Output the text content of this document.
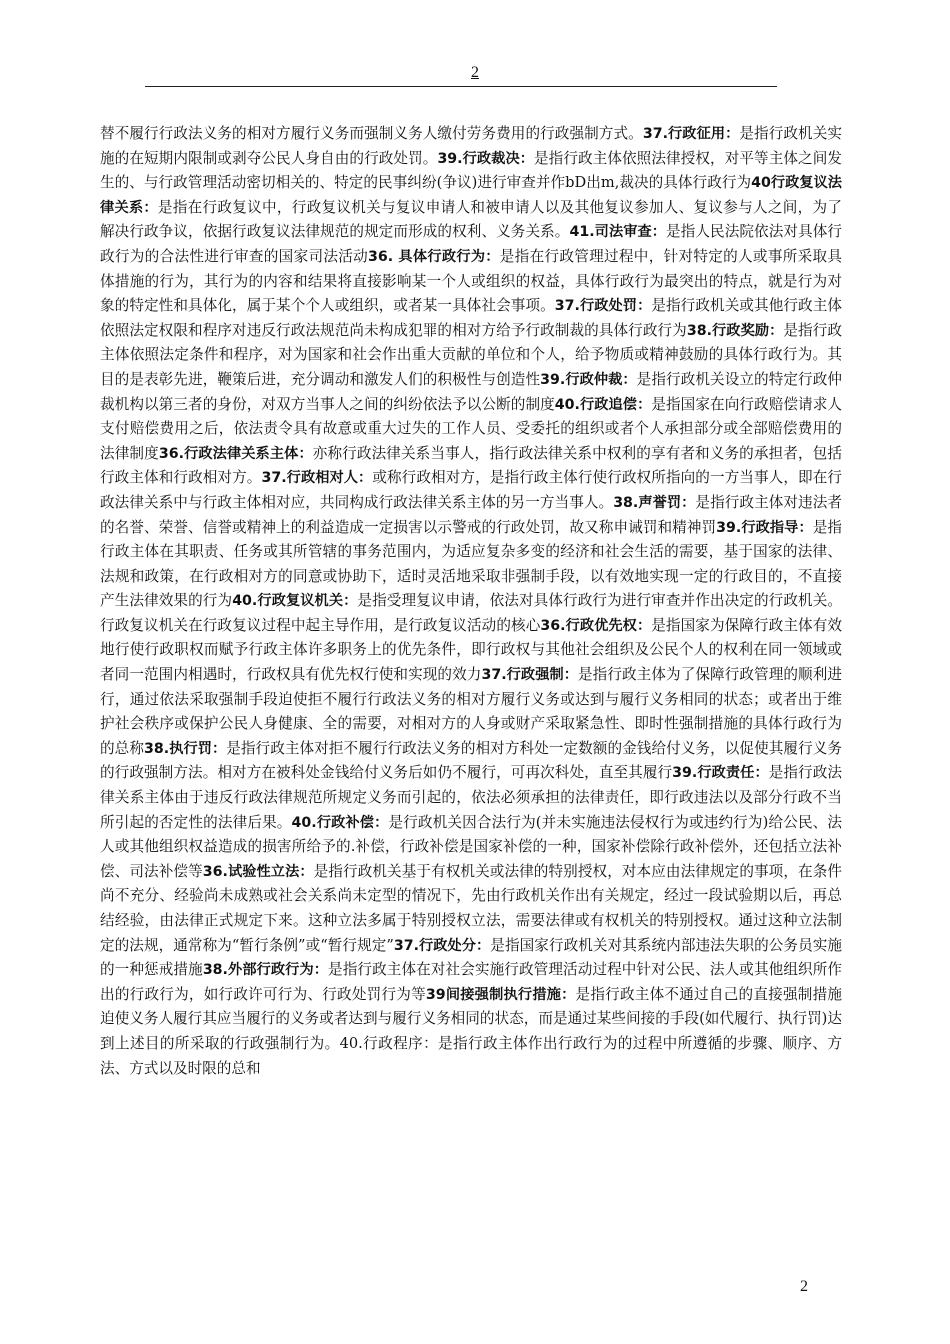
2
替不履行行政法义务的相对方履行义务而强制义务人缴付劳务费用的行政强制方式。37.行政征用：是指行政机关实施的在短期内限制或剥夺公民人身自由的行政处罚。39.行政裁决：是指行政主体依照法律授权，对平等主体之间发生的、与行政管理活动密切相关的、特定的民事纠纷(争议)进行审查并作bD出m,裁决的具体行政行为40行政复议法律关系：是指在行政复议中，行政复议机关与复议申请人和被申请人以及其他复议参加人、复议参与人之间，为了解决行政争议，依据行政复议法律规范的规定而形成的权利、义务关系。41.司法审查：是指人民法院依法对具体行政行为的合法性进行审查的国家司法活动36. 具体行政行为：是指在行政管理过程中，针对特定的人或事所采取具体措施的行为，其行为的内容和结果将直接影响某一个人或组织的权益，具体行政行为最突出的特点，就是行为对象的特定性和具体化，属于某个个人或组织，或者某一具体社会事项。37.行政处罚：是指行政机关或其他行政主体依照法定权限和程序对违反行政法规范尚未构成犯罪的相对方给予行政制裁的具体行政行为38.行政奖励：是指行政主体依照法定条件和程序，对为国家和社会作出重大贡献的单位和个人，给予物质或精神鼓励的具体行政行为。其目的是表彰先进，鞭策后进，充分调动和激发人们的积极性与创造性39.行政仲裁：是指行政机关设立的特定行政仲裁机构以第三者的身份，对双方当事人之间的纠纷依法予以公断的制度40.行政追偿：是指国家在向行政赔偿请求人支付赔偿费用之后，依法责令具有故意或重大过失的工作人员、受委托的组织或者个人承担部分或全部赔偿费用的法律制度36.行政法律关系主体：亦称行政法律关系当事人，指行政法律关系中权利的享有者和义务的承担者，包括行政主体和行政相对方。37.行政相对人：或称行政相对方，是指行政主体行使行政权所指向的一方当事人，即在行政法律关系中与行政主体相对应，共同构成行政法律关系主体的另一方当事人。38.声誉罚：是指行政主体对违法者的名誉、荣誉、信誉或精神上的利益造成一定损害以示警戒的行政处罚，故又称申诫罚和精神罚39.行政指导：是指行政主体在其职责、任务或其所管辖的事务范围内，为适应复杂多变的经济和社会生活的需要，基于国家的法律、法规和政策，在行政相对方的同意或协助下，适时灵活地采取非强制手段，以有效地实现一定的行政目的，不直接产生法律效果的行为40.行政复议机关：是指受理复议申请，依法对具体行政行为进行审查并作出决定的行政机关。行政复议机关在行政复议过程中起主导作用，是行政复议活动的核心36.行政优先权：是指国家为保障行政主体有效地行使行政职权而赋予行政主体许多职务上的优先条件，即行政权与其他社会组织及公民个人的权利在同一领域或者同一范围内相遇时，行政权具有优先权行使和实现的效力37.行政强制：是指行政主体为了保障行政管理的顺利进行，通过依法采取强制手段迫使拒不履行行政法义务的相对方履行义务或达到与履行义务相同的状态；或者出于维护社会秩序或保护公民人身健康、全的需要，对相对方的人身或财产采取紧急性、即时性强制措施的具体行政行为的总称38.执行罚：是指行政主体对拒不履行行政法义务的相对方科处一定数额的金钱给付义务，以促使其履行义务的行政强制方法。相对方在被科处金钱给付义务后如仍不履行，可再次科处，直至其履行39.行政责任：是指行政法律关系主体由于违反行政法律规范所规定义务而引起的，依法必须承担的法律责任，即行政违法以及部分行政不当所引起的否定性的法律后果。40.行政补偿：是行政机关因合法行为(并未实施违法侵权行为或违约行为)给公民、法人或其他组织权益造成的损害所给予的.补偿，行政补偿是国家补偿的一种，国家补偿除行政补偿外，还包括立法补偿、司法补偿等36.试验性立法：是指行政机关基于有权机关或法律的特别授权，对本应由法律规定的事项，在条件尚不充分、经验尚未成熟或社会关系尚未定型的情况下，先由行政机关作出有关规定，经过一段试验期以后，再总结经验，由法律正式规定下来。这种立法多属于特别授权立法，需要法律或有权机关的特别授权。通过这种立法制定的法规，通常称为“暂行条例”或“暂行规定”37.行政处分：是指国家行政机关对其系统内部违法失职的公务员实施的一种惩戒措施38.外部行政行为：是指行政主体在对社会实施行政管理活动过程中针对公民、法人或其他组织所作出的行政行为，如行政许可行为、行政处罚行为等39间接强制执行措施：是指行政主体不通过自己的直接强制措施迫使义务人履行其应当履行的义务或者达到与履行义务相同的状态，而是通过某些间接的手段(如代履行、执行罚)达到上述目的所采取的行政强制行为。40.行政程序：是指行政主体作出行政行为的过程中所遵循的步骤、顺序、方法、方式以及时限的总和
2
